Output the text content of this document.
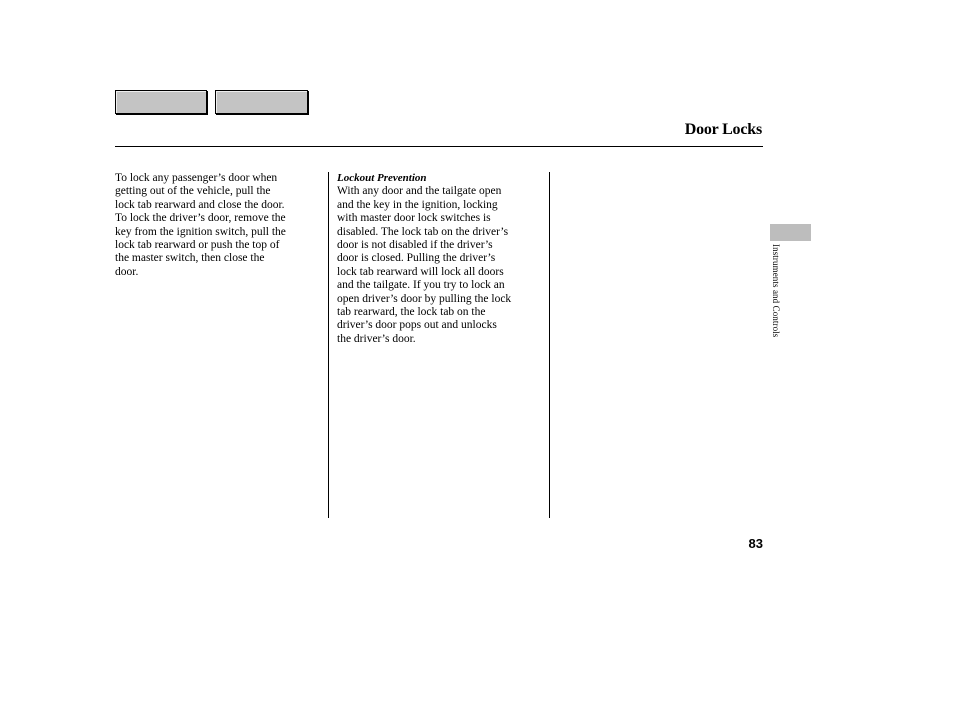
Door Locks
To lock any passenger’s door when
getting out of the vehicle, pull the
lock tab rearward and close the door.
To lock the driver’s door, remove the
key from the ignition switch, pull the
lock tab rearward or push the top of
the master switch, then close the
door.
Lockout Prevention
With any door and the tailgate open
and the key in the ignition, locking
with master door lock switches is
disabled. The lock tab on the driver’s
door is not disabled if the driver’s
door is closed. Pulling the driver’s
lock tab rearward will lock all doors
and the tailgate. If you try to lock an
open driver’s door by pulling the lock
tab rearward, the lock tab on the
driver’s door pops out and unlocks
the driver’s door.
Instruments and Controls
83
